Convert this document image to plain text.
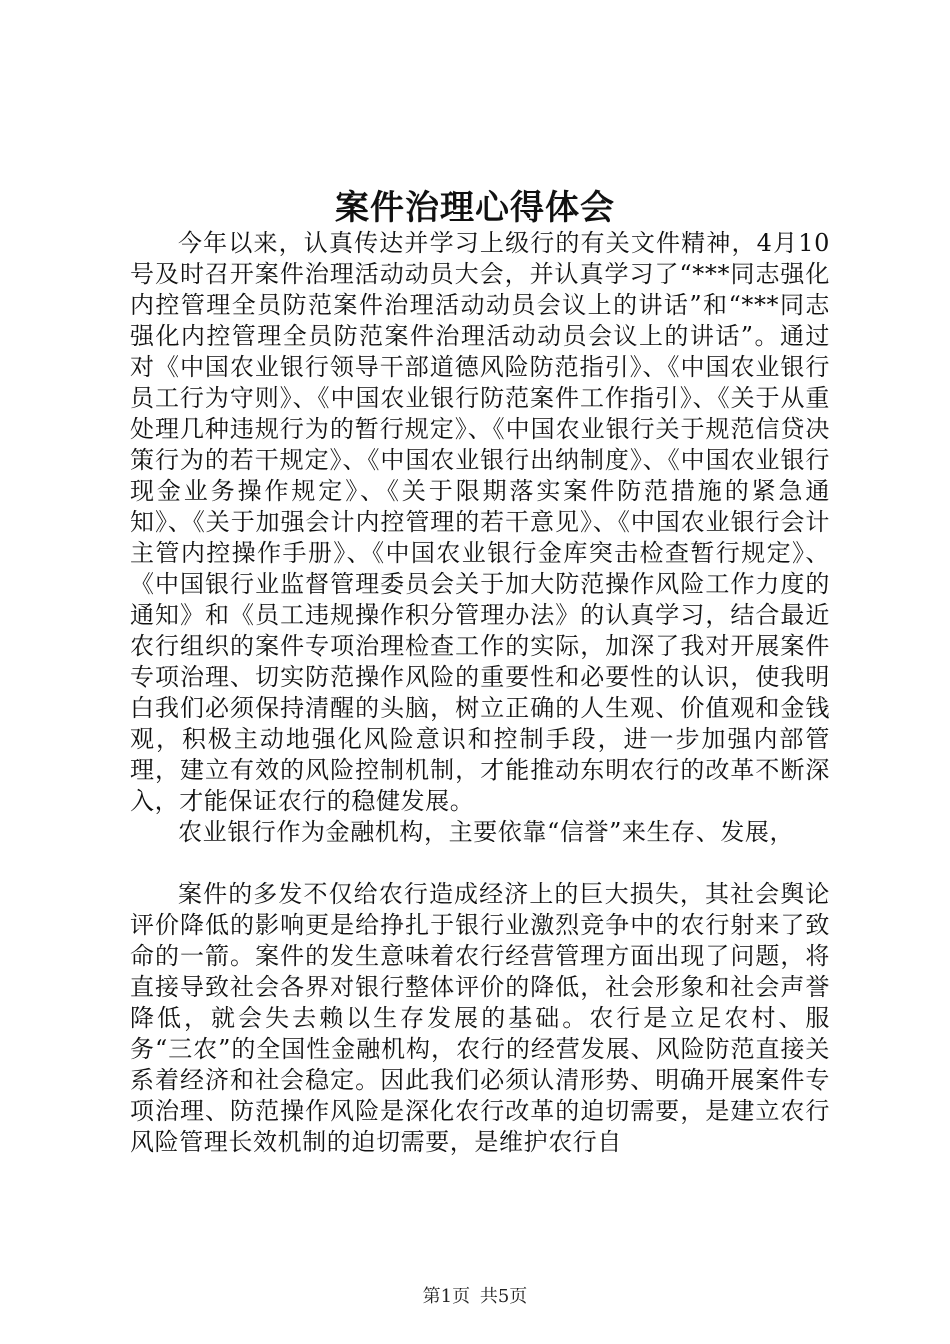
案件治理心得体会

今年以来，认真传达并学习上级行的有关文件精神，4月10号及时召开案件治理活动动员大会，并认真学习了“***同志强化内控管理全员防范案件治理活动动员会议上的讲话”和“***同志强化内控管理全员防范案件治理活动动员会议上的讲话”。通过对《中国农业银行领导干部道德风险防范指引》、《中国农业银行员工行为守则》、《中国农业银行防范案件工作指引》、《关于从重处理几种违规行为的暂行规定》、《中国农业银行关于规范信贷决策行为的若干规定》、《中国农业银行出纳制度》、《中国农业银行现金业务操作规定》、《关于限期落实案件防范措施的紧急通知》、《关于加强会计内控管理的若干意见》、《中国农业银行会计主管内控操作手册》、《中国农业银行金库突击检查暂行规定》、《中国银行业监督管理委员会关于加大防范操作风险工作力度的通知》和《员工违规操作积分管理办法》的认真学习，结合最近农行组织的案件专项治理检查工作的实际，加深了我对开展案件专项治理、切实防范操作风险的重要性和必要性的认识，使我明白我们必须保持清醒的头脑，树立正确的人生观、价值观和金钱观，积极主动地强化风险意识和控制手段，进一步加强内部管理，建立有效的风险控制机制，才能推动东明农行的改革不断深入，才能保证农行的稳健发展。

农业银行作为金融机构，主要依靠“信誉”来生存、发展，

案件的多发不仅给农行造成经济上的巨大损失，其社会舆论评价降低的影响更是给挣扎于银行业激烈竞争中的农行射来了致命的一箭。案件的发生意味着农行经营管理方面出现了问题，将直接导致社会各界对银行整体评价的降低，社会形象和社会声誉降低，就会失去赖以生存发展的基础。农行是立足农村、服务“三农”的全国性金融机构，农行的经营发展、风险防范直接关系着经济和社会稳定。因此我们必须认清形势、明确开展案件专项治理、防范操作风险是深化农行改革的迫切需要，是建立农行风险管理长效机制的迫切需要，是维护农行自

第1页 共5页
